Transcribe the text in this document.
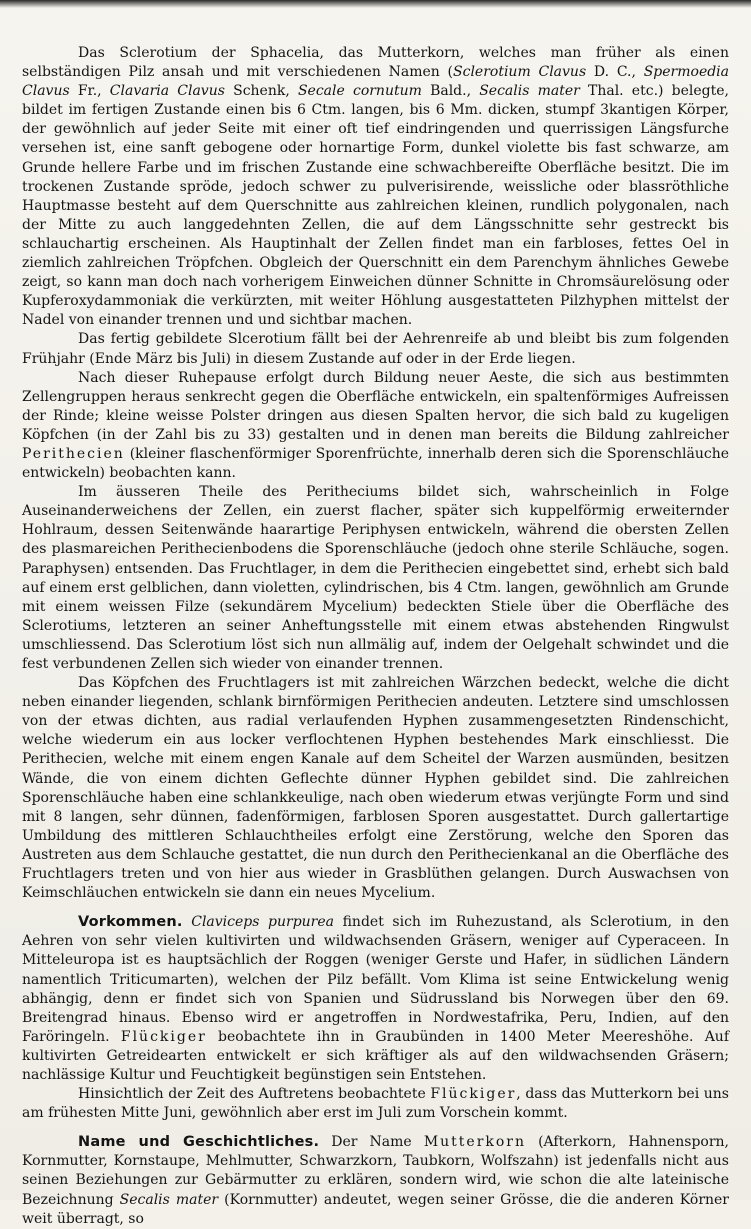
Das Sclerotium der Sphacelia, das Mutterkorn, welches man früher als einen selbständigen Pilz ansah und mit verschiedenen Namen (Sclerotium Clavus D. C., Spermoedia Clavus Fr., Clavaria Clavus Schenk, Secale cornutum Bald., Secalis mater Thal. etc.) belegte, bildet im fertigen Zustande einen bis 6 Ctm. langen, bis 6 Mm. dicken, stumpf 3kantigen Körper, der gewöhnlich auf jeder Seite mit einer oft tief eindringenden und querrissigen Längsfurche versehen ist, eine sanft gebogene oder hornartige Form, dunkel violette bis fast schwarze, am Grunde hellere Farbe und im frischen Zustande eine schwachbereifte Oberfläche besitzt. Die im trockenen Zustande spröde, jedoch schwer zu pulverisirende, weissliche oder blassröthliche Hauptmasse besteht auf dem Querschnitte aus zahlreichen kleinen, rundlich polygonalen, nach der Mitte zu auch langgedehnten Zellen, die auf dem Längsschnitte sehr gestreckt bis schlauchartig erscheinen. Als Hauptinhalt der Zellen findet man ein farbloses, fettes Oel in ziemlich zahlreichen Tröpfchen. Obgleich der Querschnitt ein dem Parenchym ähnliches Gewebe zeigt, so kann man doch nach vorherigem Einweichen dünner Schnitte in Chromsäurelösung oder Kupferoxydammoniak die verkürzten, mit weiter Höhlung ausgestatteten Pilzhyphen mittelst der Nadel von einander trennen und und sichtbar machen.

Das fertig gebildete Slcerotium fällt bei der Aehrenreife ab und bleibt bis zum folgenden Frühjahr (Ende März bis Juli) in diesem Zustande auf oder in der Erde liegen.

Nach dieser Ruhepause erfolgt durch Bildung neuer Aeste, die sich aus bestimmten Zellengruppen heraus senkrecht gegen die Oberfläche entwickeln, ein spaltenförmiges Aufreissen der Rinde; kleine weisse Polster dringen aus diesen Spalten hervor, die sich bald zu kugeligen Köpfchen (in der Zahl bis zu 33) gestalten und in denen man bereits die Bildung zahlreicher Perithecien (kleiner flaschenförmiger Sporenfrüchte, innerhalb deren sich die Sporenschläuche entwickeln) beobachten kann.

Im äusseren Theile des Peritheciums bildet sich, wahrscheinlich in Folge Auseinanderweichens der Zellen, ein zuerst flacher, später sich kuppelförmig erweiternder Hohlraum, dessen Seitenwände haarartige Periphysen entwickeln, während die obersten Zellen des plasmareichen Perithecienbodens die Sporenschläuche (jedoch ohne sterile Schläuche, sogen. Paraphysen) entsenden. Das Fruchtlager, in dem die Perithecien eingebettet sind, erhebt sich bald auf einem erst gelblichen, dann violetten, cylindrischen, bis 4 Ctm. langen, gewöhnlich am Grunde mit einem weissen Filze (sekundärem Mycelium) bedeckten Stiele über die Oberfläche des Sclerotiums, letzteren an seiner Anheftungsstelle mit einem etwas abstehenden Ringwulst umschliessend. Das Sclerotium löst sich nun allmälig auf, indem der Oelgehalt schwindet und die fest verbundenen Zellen sich wieder von einander trennen.

Das Köpfchen des Fruchtlagers ist mit zahlreichen Wärzchen bedeckt, welche die dicht neben einander liegenden, schlank birnförmigen Perithecien andeuten. Letztere sind umschlossen von der etwas dichten, aus radial verlaufenden Hyphen zusammengesetzten Rindenschicht, welche wiederum ein aus locker verflochtenen Hyphen bestehendes Mark einschliesst. Die Perithecien, welche mit einem engen Kanale auf dem Scheitel der Warzen ausmünden, besitzen Wände, die von einem dichten Geflechte dünner Hyphen gebildet sind. Die zahlreichen Sporenschläuche haben eine schlankkeulige, nach oben wiederum etwas verjüngte Form und sind mit 8 langen, sehr dünnen, fadenförmigen, farblosen Sporen ausgestattet. Durch gallertartige Umbildung des mittleren Schlauchtheiles erfolgt eine Zerstörung, welche den Sporen das Austreten aus dem Schlauche gestattet, die nun durch den Perithecienkanal an die Oberfläche des Fruchtlagers treten und von hier aus wieder in Grasblüthen gelangen. Durch Auswachsen von Keimschläuchen entwickeln sie dann ein neues Mycelium.

Vorkommen. Claviceps purpurea findet sich im Ruhezustand, als Sclerotium, in den Aehren von sehr vielen kultivirten und wildwachsenden Gräsern, weniger auf Cyperaceen. In Mitteleuropa ist es hauptsächlich der Roggen (weniger Gerste und Hafer, in südlichen Ländern namentlich Triticumarten), welchen der Pilz befällt. Vom Klima ist seine Entwickelung wenig abhängig, denn er findet sich von Spanien und Südrussland bis Norwegen über den 69. Breitengrad hinaus. Ebenso wird er angetroffen in Nordwestafrika, Peru, Indien, auf den Faröringeln. Flückiger beobachtete ihn in Graubünden in 1400 Meter Meereshöhe. Auf kultivirten Getreidearten entwickelt er sich kräftiger als auf den wildwachsenden Gräsern; nachlässige Kultur und Feuchtigkeit begünstigen sein Entstehen.

Hinsichtlich der Zeit des Auftretens beobachtete Flückiger, dass das Mutterkorn bei uns am frühesten Mitte Juni, gewöhnlich aber erst im Juli zum Vorschein kommt.

Name und Geschichtliches. Der Name Mutterkorn (Afterkorn, Hahnensporn, Kornmutter, Kornstaupe, Mehlmutter, Schwarzkorn, Taubkorn, Wolfszahn) ist jedenfalls nicht aus seinen Beziehungen zur Gebärmutter zu erklären, sondern wird, wie schon die alte lateinische Bezeichnung Secalis mater (Kornmutter) andeutet, wegen seiner Grösse, die die anderen Körner weit überragt, so
